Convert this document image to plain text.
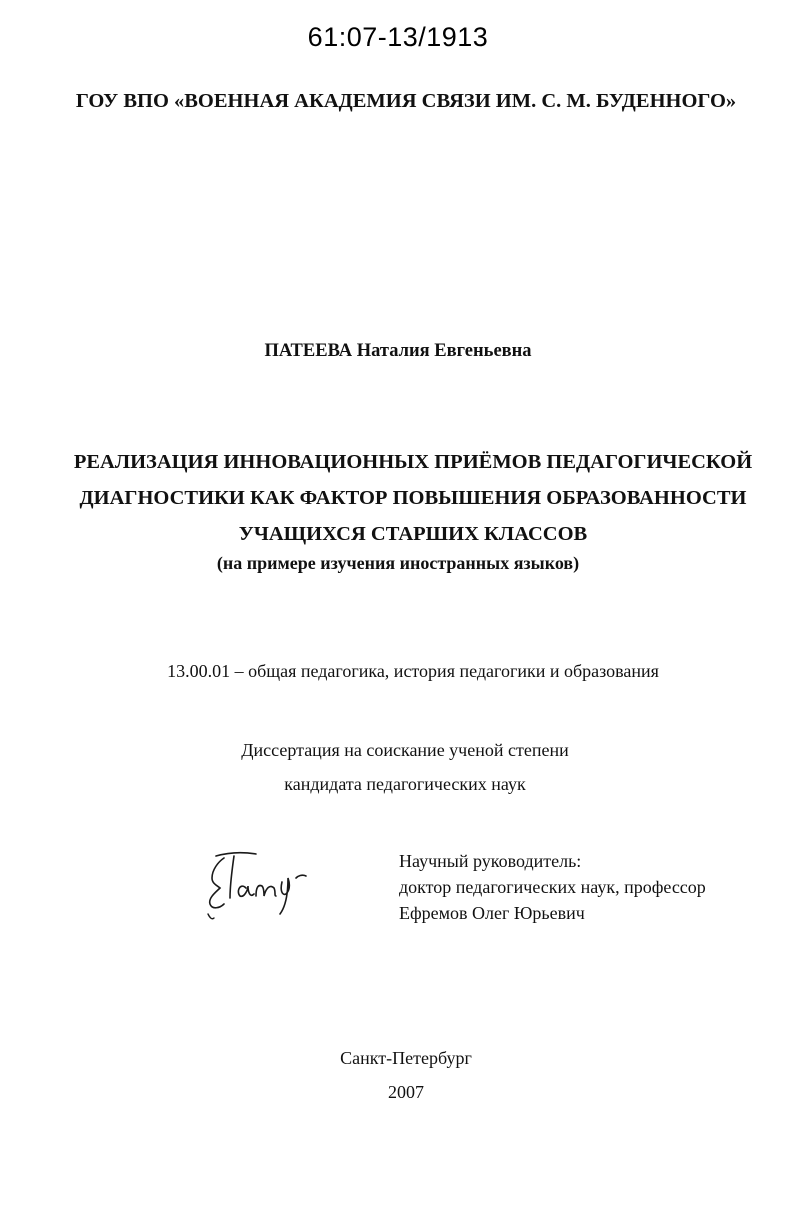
61:07-13/1913
ГОУ ВПО «ВОЕННАЯ АКАДЕМИЯ СВЯЗИ ИМ. С. М. БУДЕННОГО»
ПАТЕЕВА Наталия Евгеньевна
РЕАЛИЗАЦИЯ ИННОВАЦИОННЫХ ПРИЁМОВ ПЕДАГОГИЧЕСКОЙ
ДИАГНОСТИКИ КАК ФАКТОР ПОВЫШЕНИЯ ОБРАЗОВАННОСТИ
УЧАЩИХСЯ СТАРШИХ КЛАССОВ
(на примере изучения иностранных языков)
13.00.01 – общая педагогика, история педагогики и образования
Диссертация на соискание ученой степени
кандидата педагогических наук
Научный руководитель:
доктор педагогических наук, профессор
Ефремов Олег Юрьевич
Санкт-Петербург
2007
